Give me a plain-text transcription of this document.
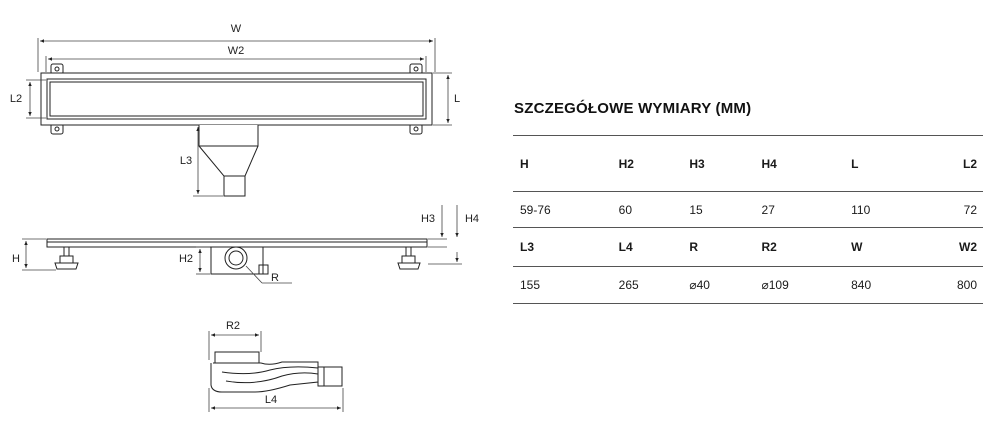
W
W2
L2	L
L3
H	H2
H3	H4
R
R2
L4
SZCZEGÓŁOWE WYMIARY (MM)
H	H2	H3	H4	L	L2
59-76	60	15	27	110	72
L3	L4	R	R2	W	W2
155	265	⌀40	⌀109	840	800
